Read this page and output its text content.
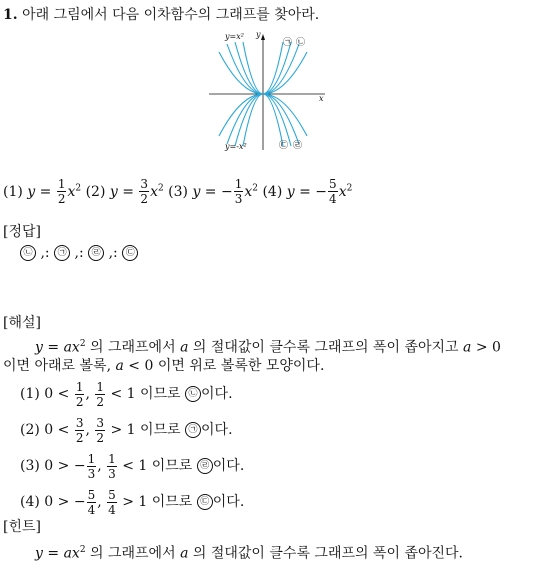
1. 아래 그림에서 다음 이차함수의 그래프를 찾아라.
y=x²
y=-x²
y
x
㉠ ㉡
㉢ ㉣
(1) $y = \frac{1}{2} x^2$ (2) $y = \frac{3}{2} x^2$ (3) y = − $\frac{1}{3} x^2$ (4) y = − $\frac{5}{4} x^2$
[정답]
㉡ ,: ㉠ ,: ㉣ ,: ㉢
[해설]
$y = ax^2$ 의 그래프에서 a 의 절대값이 클수록 그래프의 폭이 좁아지고 a > 0
이면 아래로 볼록, a < 0 이면 위로 볼록한 모양이다.
(1) $0 < \frac{1}{2}$ , $\frac{1}{2} < 1$ 이므로 ㉡ 이다.
(2) $0 < \frac{3}{2}$ , $\frac{3}{2} > 1$ 이므로 ㉠ 이다.
(3) 0 > − $\frac{1}{3}$ , $\frac{1}{3} < 1$ 이므로 ㉣ 이다.
(4) 0 > − $\frac{5}{4}$ , $\frac{5}{4} > 1$ 이므로 ㉢ 이다.
[힌트]
$y = ax^2$ 의 그래프에서 a 의 절대값이 클수록 그래프의 폭이 좁아진다.
